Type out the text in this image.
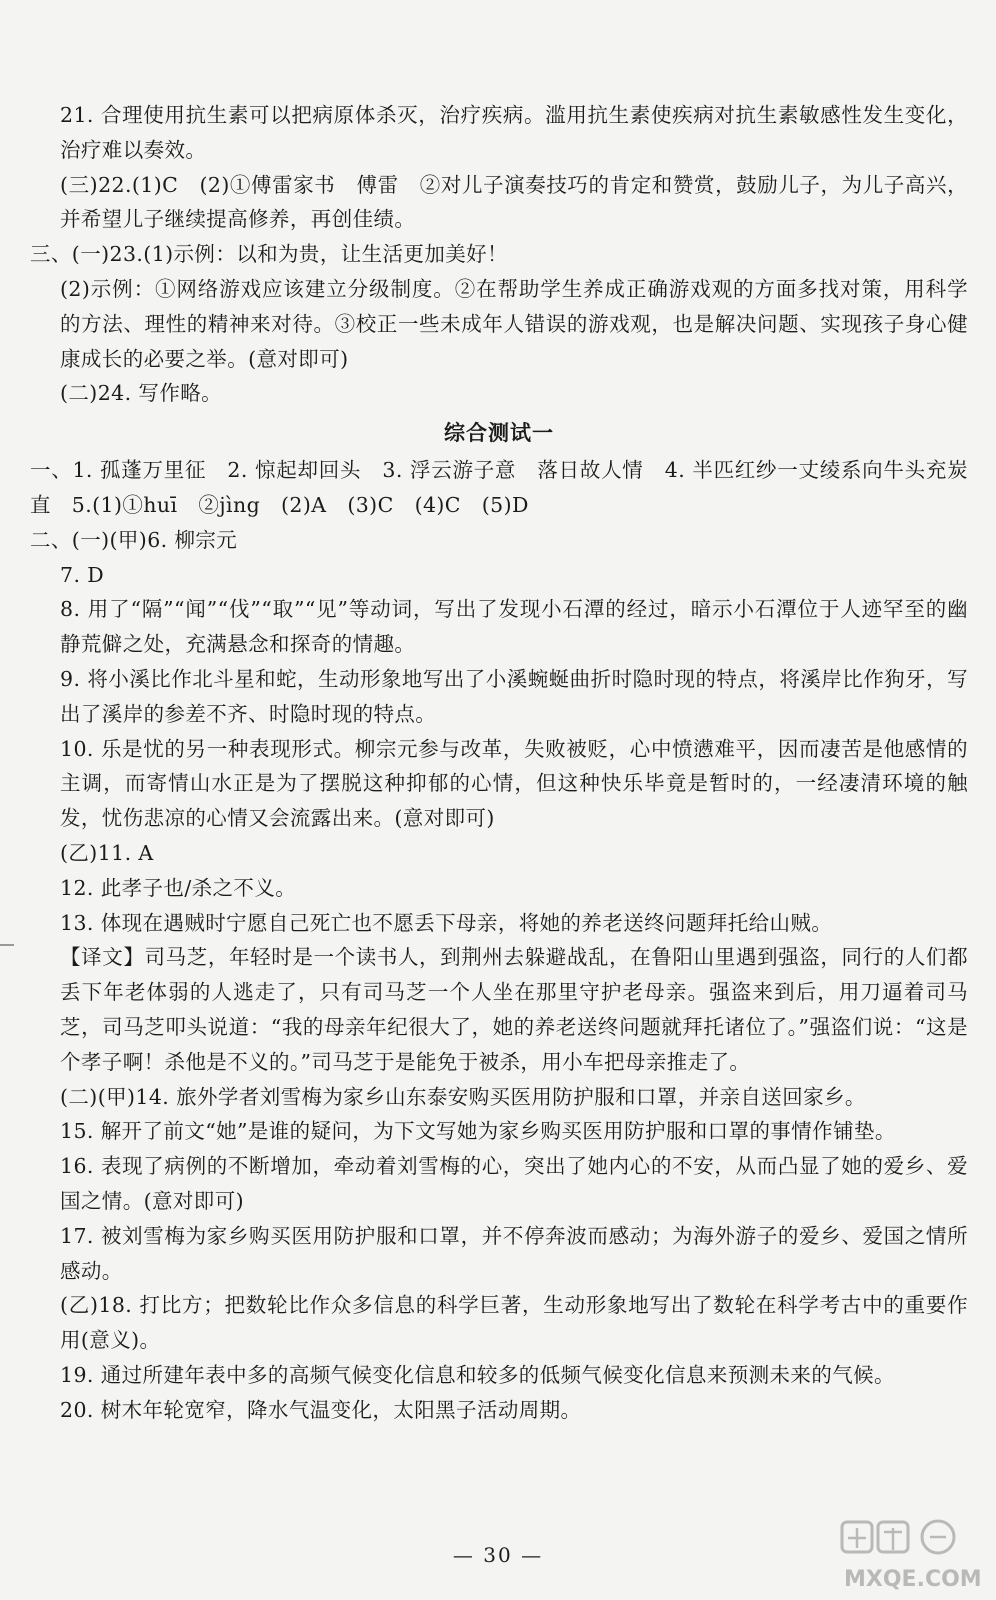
21. 合理使用抗生素可以把病原体杀灭，治疗疾病。滥用抗生素使疾病对抗生素敏感性发生变化，治疗难以奏效。

(三)22.(1)C　(2)①傅雷家书　傅雷　②对儿子演奏技巧的肯定和赞赏，鼓励儿子，为儿子高兴，并希望儿子继续提高修养，再创佳绩。

三、(一)23.(1)示例：以和为贵，让生活更加美好！

(2)示例：①网络游戏应该建立分级制度。②在帮助学生养成正确游戏观的方面多找对策，用科学的方法、理性的精神来对待。③校正一些未成年人错误的游戏观，也是解决问题、实现孩子身心健康成长的必要之举。(意对即可)

(二)24. 写作略。

综合测试一

一、1. 孤蓬万里征　2. 惊起却回头　3. 浮云游子意　落日故人情　4. 半匹红纱一丈绫系向牛头充炭直　5.(1)①huī　②jìng　(2)A　(3)C　(4)C　(5)D

二、(一)(甲)6. 柳宗元

7. D

8. 用了“隔”“闻”“伐”“取”“见”等动词，写出了发现小石潭的经过，暗示小石潭位于人迹罕至的幽静荒僻之处，充满悬念和探奇的情趣。

9. 将小溪比作北斗星和蛇，生动形象地写出了小溪蜿蜒曲折时隐时现的特点，将溪岸比作狗牙，写出了溪岸的参差不齐、时隐时现的特点。

10. 乐是忧的另一种表现形式。柳宗元参与改革，失败被贬，心中愤懑难平，因而凄苦是他感情的主调，而寄情山水正是为了摆脱这种抑郁的心情，但这种快乐毕竟是暂时的，一经凄清环境的触发，忧伤悲凉的心情又会流露出来。(意对即可)

(乙)11. A

12. 此孝子也/杀之不义。

13. 体现在遇贼时宁愿自己死亡也不愿丢下母亲，将她的养老送终问题拜托给山贼。

【译文】司马芝，年轻时是一个读书人，到荆州去躲避战乱，在鲁阳山里遇到强盗，同行的人们都丢下年老体弱的人逃走了，只有司马芝一个人坐在那里守护老母亲。强盗来到后，用刀逼着司马芝，司马芝叩头说道：“我的母亲年纪很大了，她的养老送终问题就拜托诸位了。”强盗们说：“这是个孝子啊！杀他是不义的。”司马芝于是能免于被杀，用小车把母亲推走了。

(二)(甲)14. 旅外学者刘雪梅为家乡山东泰安购买医用防护服和口罩，并亲自送回家乡。

15. 解开了前文“她”是谁的疑问，为下文写她为家乡购买医用防护服和口罩的事情作铺垫。

16. 表现了病例的不断增加，牵动着刘雪梅的心，突出了她内心的不安，从而凸显了她的爱乡、爱国之情。(意对即可)

17. 被刘雪梅为家乡购买医用防护服和口罩，并不停奔波而感动；为海外游子的爱乡、爱国之情所感动。

(乙)18. 打比方；把数轮比作众多信息的科学巨著，生动形象地写出了数轮在科学考古中的重要作用(意义)。

19. 通过所建年表中多的高频气候变化信息和较多的低频气候变化信息来预测未来的气候。

20. 树木年轮宽窄，降水气温变化，太阳黑子活动周期。

— 30 —
MXQE.COM
